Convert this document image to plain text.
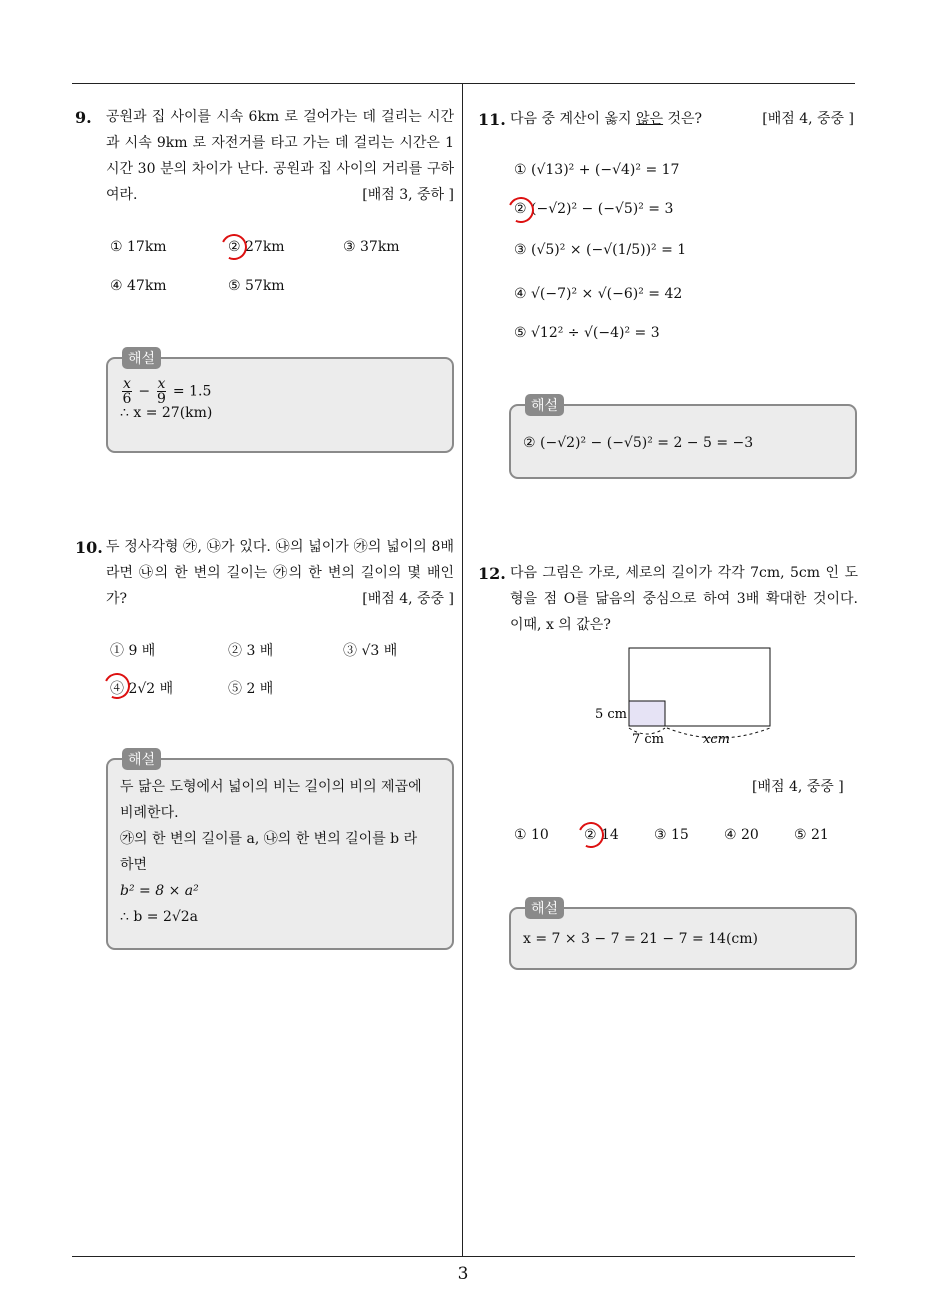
3
9. 공원과 집 사이를 시속 6km 로 걸어가는 데 걸리는 시간과 시속 9km 로 자전거를 타고 가는 데 걸리는 시간은 1 시간 30 분의 차이가 난다. 공원과 집 사이의 거리를 구하여라.	[배점 3, 중하 ]
① 17km	② 27km	③ 37km
④ 47km	⑤ 57km
해설
$\frac{x}{6} - \frac{x}{9} = 1.5$
∴ x = 27(km)
10. 두 정사각형 ㉮, ㉯가 있다. ㉯의 넓이가 ㉮의 넓이의 8배라면 ㉯의 한 변의 길이는 ㉮의 한 변의 길이의 몇 배인가?	[배점 4, 중중 ]
① 9 배	② 3 배	③ √3 배
④ 2√2 배	⑤ 2 배
해설
두 닮은 도형에서 넓이의 비는 길이의 비의 제곱에
비례한다.
㉮의 한 변의 길이를 a, ㉯의 한 변의 길이를 b 라
하면
b² = 8 × a²
∴ b = 2√2a
11. 다음 중 계산이 옳지 않은 것은?	[배점 4, 중중 ]
① (√13)² + (−√4)² = 17
② (−√2)² − (−√5)² = 3
③ (√5)² × (−√(1/5))² = 1
④ √(−7)² × √(−6)² = 42
⑤ √12² ÷ √(−4)² = 3
해설
② (−√2)² − (−√5)² = 2 − 5 = −3
12. 다음 그림은 가로, 세로의 길이가 각각 7cm, 5cm 인 도형을 점 O를 닮음의 중심으로 하여 3배 확대한 것이다. 이때, x 의 값은?
5 cm
7 cm	xcm
[배점 4, 중중 ]
① 10	② 14	③ 15	④ 20	⑤ 21
해설
x = 7 × 3 − 7 = 21 − 7 = 14(cm)
